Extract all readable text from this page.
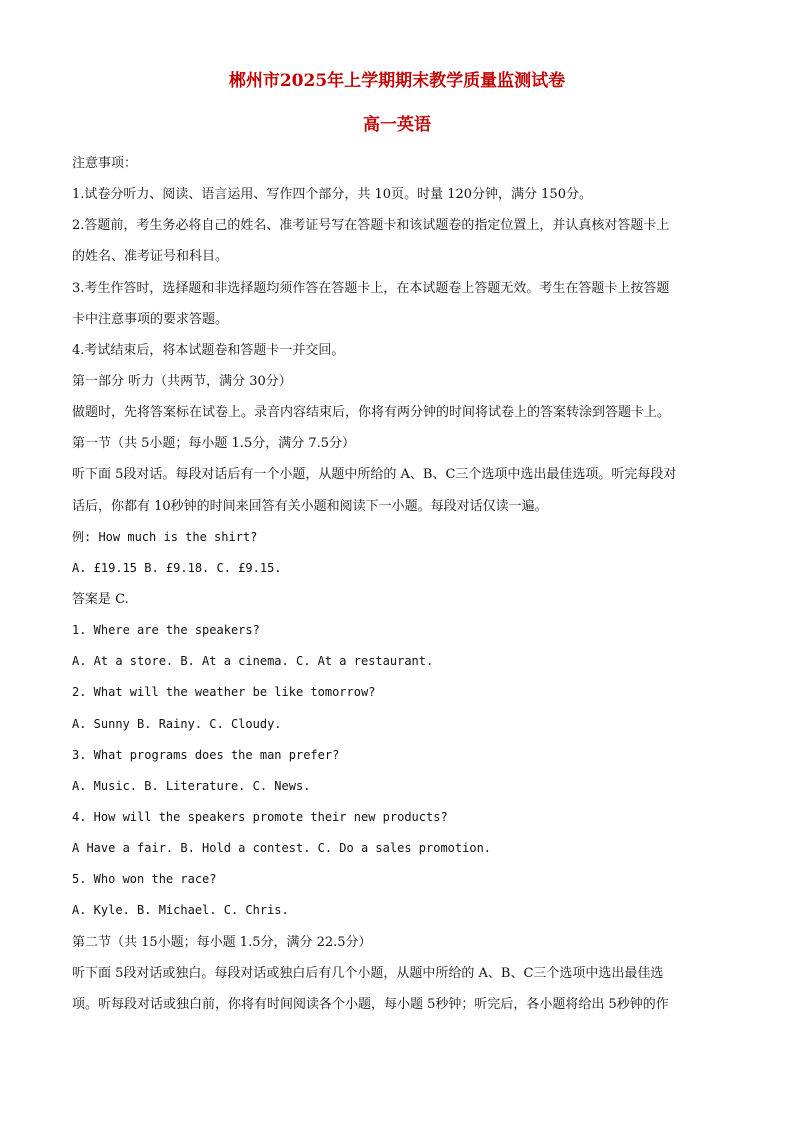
郴州市2025年上学期期末教学质量监测试卷
高一英语
注意事项：
1.试卷分听力、阅读、语言运用、写作四个部分，共 10页。时量 120分钟，满分 150分。
2.答题前，考生务必将自己的姓名、准考证号写在答题卡和该试题卷的指定位置上，并认真核对答题卡上
的姓名、准考证号和科目。
3.考生作答时，选择题和非选择题均须作答在答题卡上，在本试题卷上答题无效。考生在答题卡上按答题
卡中注意事项的要求答题。
4.考试结束后，将本试题卷和答题卡一并交回。
第一部分 听力（共两节，满分 30分）
做题时，先将答案标在试卷上。录音内容结束后，你将有两分钟的时间将试卷上的答案转涂到答题卡上。
第一节（共 5小题；每小题 1.5分，满分 7.5分）
听下面 5段对话。每段对话后有一个小题，从题中所给的 A、B、C三个选项中选出最佳选项。听完每段对
话后，你都有 10秒钟的时间来回答有关小题和阅读下一小题。每段对话仅读一遍。
例: How much is the shirt?
A. £19.15 B. £9.18. C. £9.15.
答案是 C.
1. Where are the speakers?
A. At a store. B. At a cinema. C. At a restaurant.
2. What will the weather be like tomorrow?
A. Sunny B. Rainy. C. Cloudy.
3. What programs does the man prefer?
A. Music. B. Literature. C. News.
4. How will the speakers promote their new products?
A Have a fair. B. Hold a contest. C. Do a sales promotion.
5. Who won the race?
A. Kyle. B. Michael. C. Chris.
第二节（共 15小题；每小题 1.5分，满分 22.5分）
听下面 5段对话或独白。每段对话或独白后有几个小题，从题中所给的 A、B、C三个选项中选出最佳选
项。听每段对话或独白前，你将有时间阅读各个小题，每小题 5秒钟；听完后，各小题将给出 5秒钟的作
